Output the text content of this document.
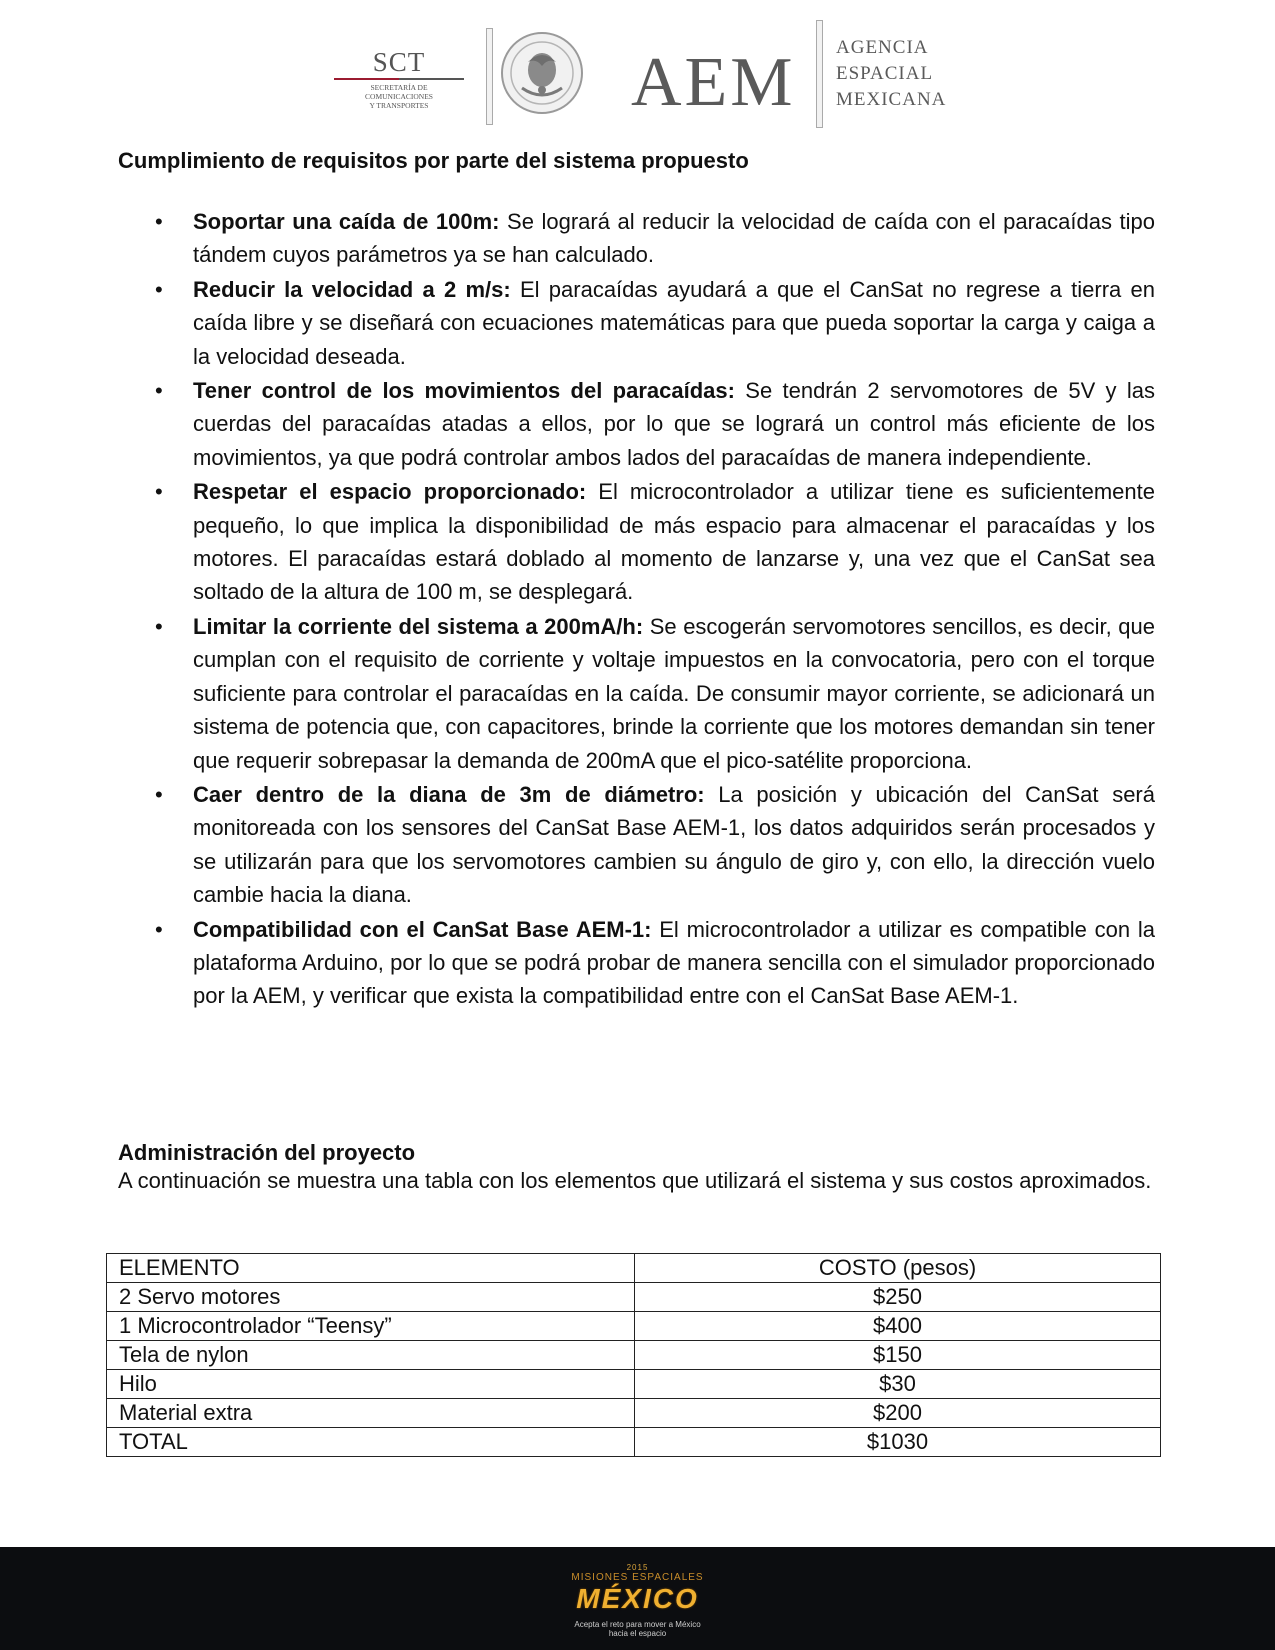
SCT
SECRETARÍA DE
COMUNICACIONES
Y TRANSPORTES	AEM AGENCIA
ESPACIAL
MEXICANA
Cumplimiento de requisitos por parte del sistema propuesto
• Soportar una caída de 100m: Se logrará al reducir la velocidad de caída con el paracaídas tipo tándem cuyos parámetros ya se han calculado.
• Reducir la velocidad a 2 m/s: El paracaídas ayudará a que el CanSat no regrese a tierra en caída libre y se diseñará con ecuaciones matemáticas para que pueda soportar la carga y caiga a la velocidad deseada.
• Tener control de los movimientos del paracaídas: Se tendrán 2 servomotores de 5V y las cuerdas del paracaídas atadas a ellos, por lo que se logrará un control más eficiente de los movimientos, ya que podrá controlar ambos lados del paracaídas de manera independiente.
• Respetar el espacio proporcionado: El microcontrolador a utilizar tiene es suficientemente pequeño, lo que implica la disponibilidad de más espacio para almacenar el paracaídas y los motores. El paracaídas estará doblado al momento de lanzarse y, una vez que el CanSat sea soltado de la altura de 100 m, se desplegará.
• Limitar la corriente del sistema a 200mA/h: Se escogerán servomotores sencillos, es decir, que cumplan con el requisito de corriente y voltaje impuestos en la convocatoria, pero con el torque suficiente para controlar el paracaídas en la caída. De consumir mayor corriente, se adicionará un sistema de potencia que, con capacitores, brinde la corriente que los motores demandan sin tener que requerir sobrepasar la demanda de 200mA que el pico-satélite proporciona.
• Caer dentro de la diana de 3m de diámetro: La posición y ubicación del CanSat será monitoreada con los sensores del CanSat Base AEM-1, los datos adquiridos serán procesados y se utilizarán para que los servomotores cambien su ángulo de giro y, con ello, la dirección vuelo cambie hacia la diana.
• Compatibilidad con el CanSat Base AEM-1: El microcontrolador a utilizar es compatible con la plataforma Arduino, por lo que se podrá probar de manera sencilla con el simulador proporcionado por la AEM, y verificar que exista la compatibilidad entre con el CanSat Base AEM-1.
Administración del proyecto

A continuación se muestra una tabla con los elementos que utilizará el sistema y sus costos aproximados.

ELEMENTO	COSTO (pesos)
2 Servo motores	$250
1 Microcontrolador “Teensy”	$400
Tela de nylon	$150
Hilo	$30
Material extra	$200
TOTAL	$1030
2015
MISIONES ESPACIALES
MÉXICO
Acepta el reto para mover a México
hacia el espacio
